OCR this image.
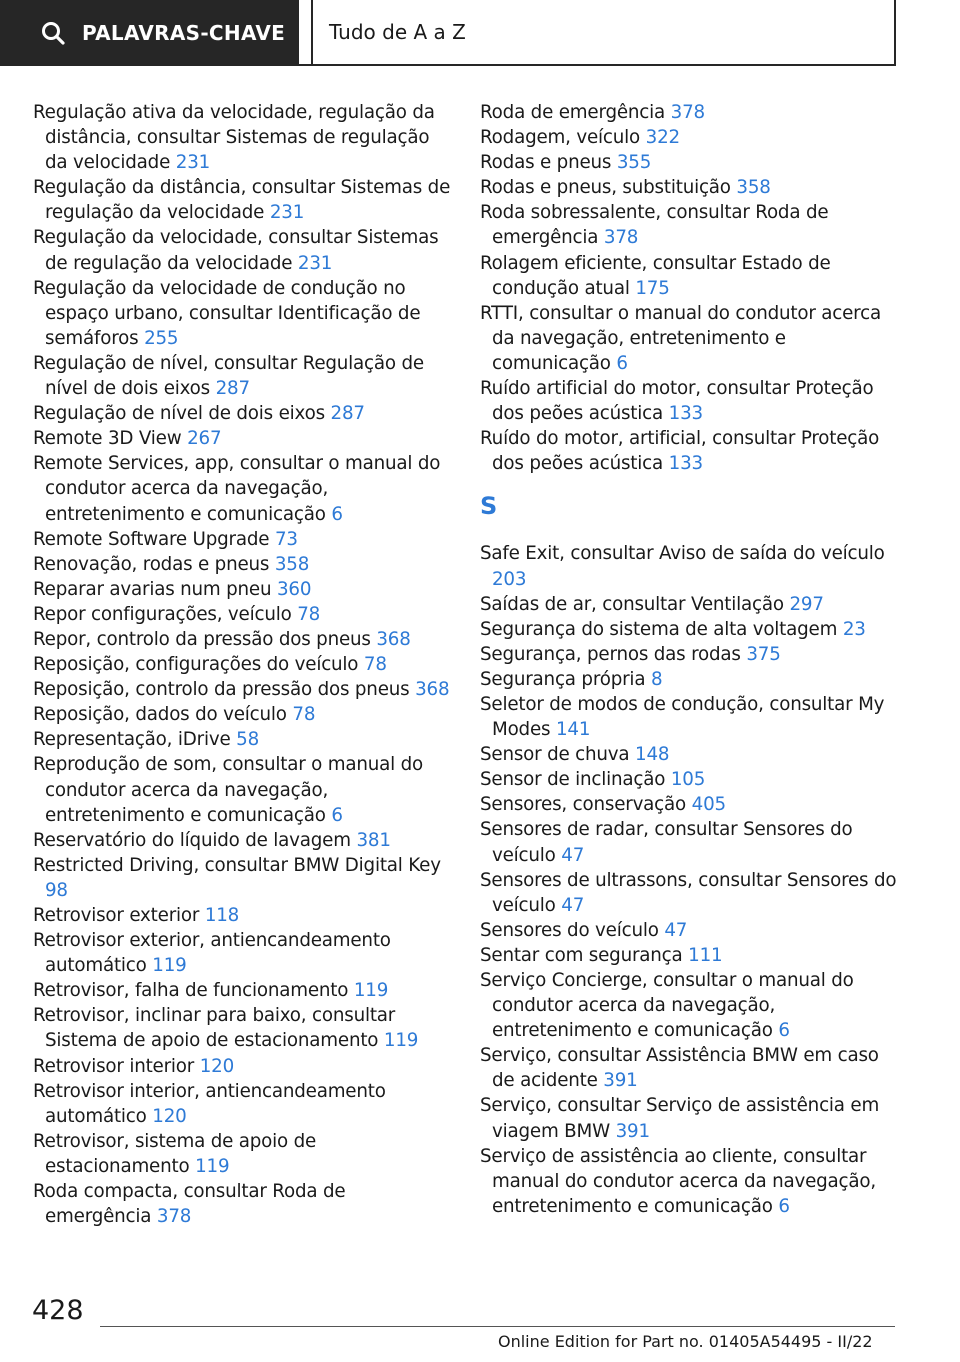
PALAVRAS-CHAVE Tudo de A a Z
Regulação ativa da velocidade, regulação da distância, consultar Sistemas de regulação da velocidade 231
Regulação da distância, consultar Sistemas de regulação da velocidade 231
Regulação da velocidade, consultar Sistemas de regulação da velocidade 231
Regulação da velocidade de condução no espaço urbano, consultar Identificação de semáforos 255
Regulação de nível, consultar Regulação de nível de dois eixos 287
Regulação de nível de dois eixos 287
Remote 3D View 267
Remote Services, app, consultar o manual do condutor acerca da navegação, entretenimento e comunicação 6
Remote Software Upgrade 73
Renovação, rodas e pneus 358
Reparar avarias num pneu 360
Repor configurações, veículo 78
Repor, controlo da pressão dos pneus 368
Reposição, configurações do veículo 78
Reposição, controlo da pressão dos pneus 368
Reposição, dados do veículo 78
Representação, iDrive 58
Reprodução de som, consultar o manual do condutor acerca da navegação, entretenimento e comunicação 6
Reservatório do líquido de lavagem 381
Restricted Driving, consultar BMW Digital Key 98
Retrovisor exterior 118
Retrovisor exterior, antiencandeamento automático 119
Retrovisor, falha de funcionamento 119
Retrovisor, inclinar para baixo, consultar Sistema de apoio de estacionamento 119
Retrovisor interior 120
Retrovisor interior, antiencandeamento automático 120
Retrovisor, sistema de apoio de estacionamento 119
Roda compacta, consultar Roda de emergência 378
Roda de emergência 378
Rodagem, veículo 322
Rodas e pneus 355
Rodas e pneus, substituição 358
Roda sobressalente, consultar Roda de emergência 378
Rolagem eficiente, consultar Estado de condução atual 175
RTTI, consultar o manual do condutor acerca da navegação, entretenimento e comunicação 6
Ruído artificial do motor, consultar Proteção dos peões acústica 133
Ruído do motor, artificial, consultar Proteção dos peões acústica 133
S
Safe Exit, consultar Aviso de saída do veículo 203
Saídas de ar, consultar Ventilação 297
Segurança do sistema de alta voltagem 23
Segurança, pernos das rodas 375
Segurança própria 8
Seletor de modos de condução, consultar My Modes 141
Sensor de chuva 148
Sensor de inclinação 105
Sensores, conservação 405
Sensores de radar, consultar Sensores do veículo 47
Sensores de ultrassons, consultar Sensores do veículo 47
Sensores do veículo 47
Sentar com segurança 111
Serviço Concierge, consultar o manual do condutor acerca da navegação, entretenimento e comunicação 6
Serviço, consultar Assistência BMW em caso de acidente 391
Serviço, consultar Serviço de assistência em viagem BMW 391
Serviço de assistência ao cliente, consultar manual do condutor acerca da navegação, entretenimento e comunicação 6
428
Online Edition for Part no. 01405A54495 - II/22
